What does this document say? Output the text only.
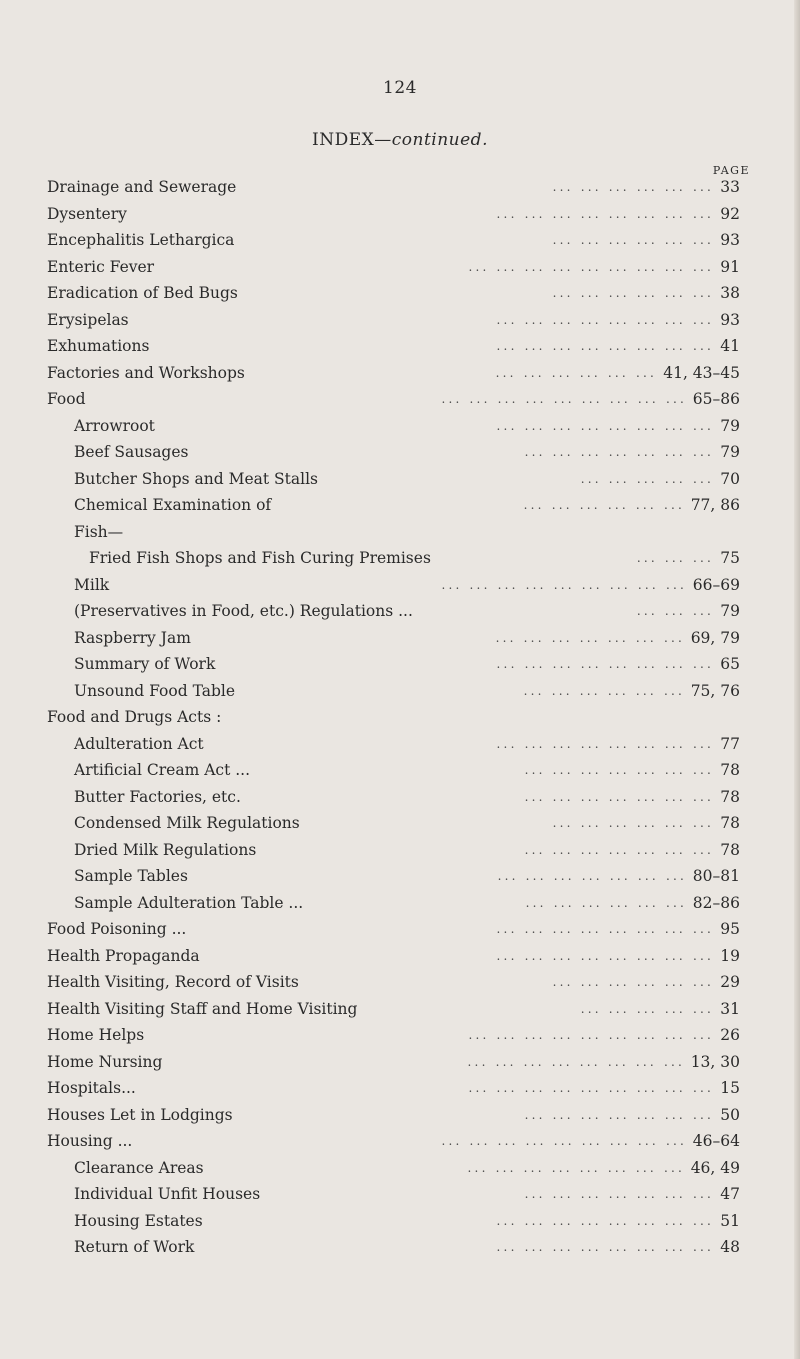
124
INDEX—continued.
PAGE
Drainage and Sewerage	... ... ... ... ... ... 33
Dysentery	... ... ... ... ... ... ... ... 92
Encephalitis Lethargica	... ... ... ... ... ... 93
Enteric Fever	... ... ... ... ... ... ... ... ... 91
Eradication of Bed Bugs	... ... ... ... ... ... 38
Erysipelas	... ... ... ... ... ... ... ... 93
Exhumations	... ... ... ... ... ... ... ... 41
Factories and Workshops	... ... ... ... ... ... 41, 43–45
Food	... ... ... ... ... ... ... ... ... 65–86
Arrowroot	... ... ... ... ... ... ... ... 79
Beef Sausages	... ... ... ... ... ... ... 79
Butcher Shops and Meat Stalls	... ... ... ... ... 70
Chemical Examination of	... ... ... ... ... ... 77, 86
Fish—
Fried Fish Shops and Fish Curing Premises	... ... ... 75
Milk	... ... ... ... ... ... ... ... ... 66–69
(Preservatives in Food, etc.) Regulations ...	... ... ... 79
Raspberry Jam	... ... ... ... ... ... ... 69, 79
Summary of Work	... ... ... ... ... ... ... ... 65
Unsound Food Table	... ... ... ... ... ... 75, 76
Food and Drugs Acts :
Adulteration Act	... ... ... ... ... ... ... ... 77
Artificial Cream Act ...	... ... ... ... ... ... ... 78
Butter Factories, etc.	... ... ... ... ... ... ... 78
Condensed Milk Regulations	... ... ... ... ... ... 78
Dried Milk Regulations	... ... ... ... ... ... ... 78
Sample Tables	... ... ... ... ... ... ... 80–81
Sample Adulteration Table ...	... ... ... ... ... ... 82–86
Food Poisoning ...	... ... ... ... ... ... ... ... 95
Health Propaganda	... ... ... ... ... ... ... ... 19
Health Visiting, Record of Visits	... ... ... ... ... ... 29
Health Visiting Staff and Home Visiting	... ... ... ... ... 31
Home Helps	... ... ... ... ... ... ... ... ... 26
Home Nursing	... ... ... ... ... ... ... ... 13, 30
Hospitals...	... ... ... ... ... ... ... ... ... 15
Houses Let in Lodgings	... ... ... ... ... ... ... 50
Housing ...	... ... ... ... ... ... ... ... ... 46–64
Clearance Areas	... ... ... ... ... ... ... ... 46, 49
Individual Unfit Houses	... ... ... ... ... ... ... 47
Housing Estates	... ... ... ... ... ... ... ... 51
Return of Work	... ... ... ... ... ... ... ... 48
